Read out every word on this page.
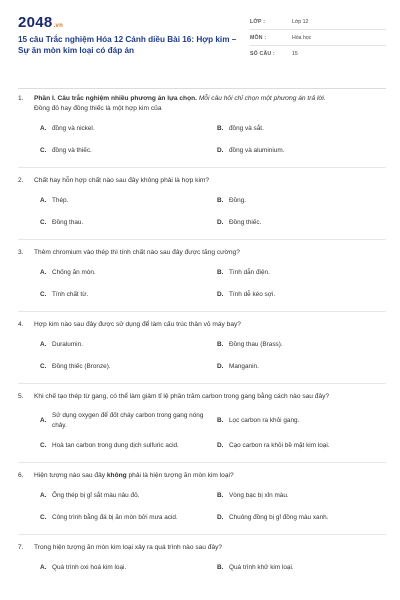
2048 .vn
15 câu Trắc nghiệm Hóa 12 Cánh diều Bài 16: Hợp kim – Sự ăn mòn kim loại có đáp án
LỚP :	Lớp 12
MÔN :	Hóa học
SỐ CÂU :	15
1.	Phần I. Câu trắc nghiệm nhiều phương án lựa chọn. Mỗi câu hỏi chỉ chọn một phương án trả lời.
Đồng đỏ hay đồng thiếc là một hợp kim của
A. đồng và nickel.	B. đồng và sắt.
C. đồng và thiếc.	D. đồng và aluminium.
2.	Chất hay hỗn hợp chất nào sau đây không phải là hợp kim?
A. Thép.	B. Đồng.
C. Đồng thau.	D. Đồng thiếc.
3.	Thêm chromium vào thép thì tính chất nào sau đây được tăng cường?
A. Chống ăn mòn.	B. Tính dẫn điện.
C. Tính chất từ.	D. Tính dễ kéo sợi.
4.	Hợp kim nào sau đây được sử dụng để làm cấu trúc thân vỏ máy bay?
A. Duralumin.	B. Đồng thau (Brass).
C. Đồng thiếc (Bronze).	D. Manganin.
5.	Khi chế tạo thép từ gang, có thể làm giảm tỉ lệ phần trăm carbon trong gang bằng cách nào sau đây?
A.
Sử dụng oxygen để đốt cháy carbon trong gang nóng chảy.
B. Lọc carbon ra khỏi gang.
C. Hoà tan carbon trong dung dịch sulfuric acid.	D. Cạo carbon ra khỏi bề mặt kim loại.
6.	Hiện tượng nào sau đây không phải là hiện tượng ăn mòn kim loại?
A. Ống thép bị gỉ sắt màu nâu đỏ.	B. Vòng bạc bị xỉn màu.
C. Công trình bằng đá bị ăn mòn bởi mưa acid.	D. Chuông đồng bị gỉ đồng màu xanh.
7.	Trong hiện tượng ăn mòn kim loại xảy ra quá trình nào sau đây?
A. Quá trình oxi hoá kim loại.	B. Quá trình khử kim loại.
